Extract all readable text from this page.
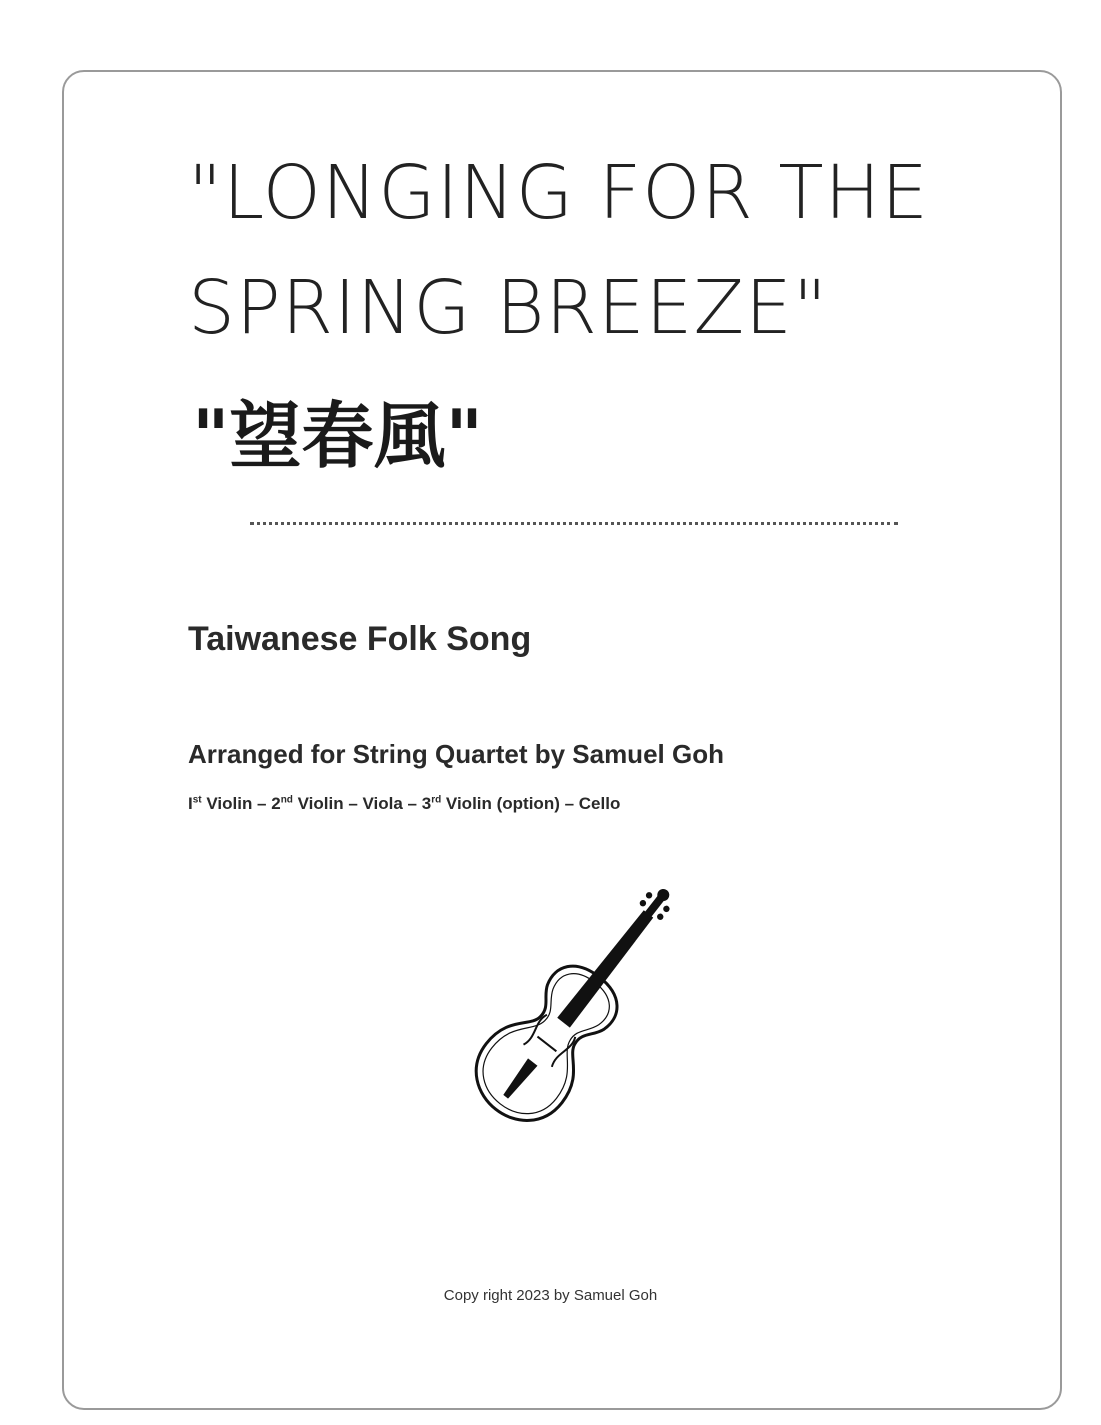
"LONGING FOR THE
SPRING BREEZE"
"望春風"
Taiwanese Folk Song
Arranged for String Quartet by Samuel Goh
Ist Violin – 2nd Violin – Viola – 3rd Violin (option) – Cello
Copy right 2023 by Samuel Goh
